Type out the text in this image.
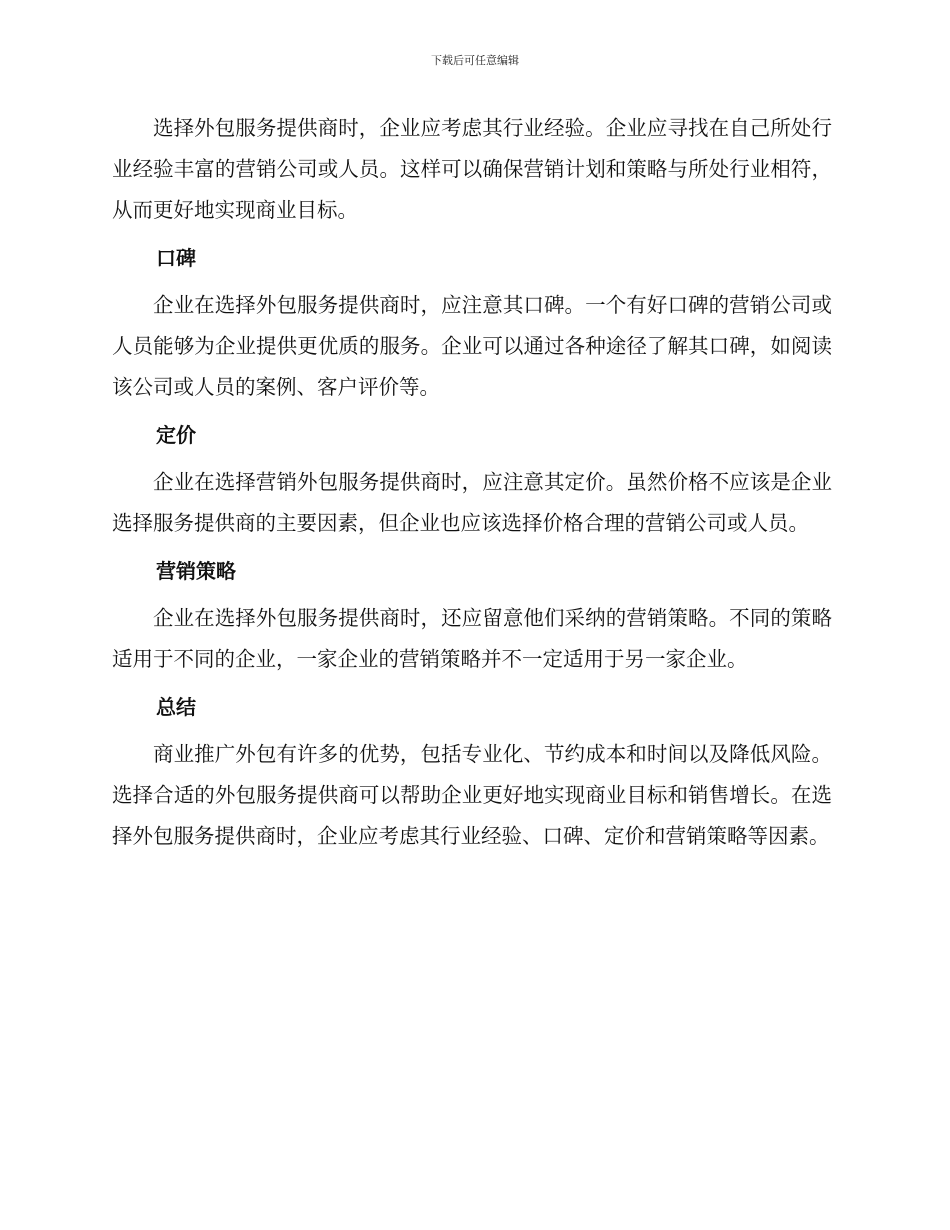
下载后可任意编辑

选择外包服务提供商时，企业应考虑其行业经验。企业应寻找在自己所处行业经验丰富的营销公司或人员。这样可以确保营销计划和策略与所处行业相符，从而更好地实现商业目标。

口碑

企业在选择外包服务提供商时，应注意其口碑。一个有好口碑的营销公司或人员能够为企业提供更优质的服务。企业可以通过各种途径了解其口碑，如阅读该公司或人员的案例、客户评价等。

定价

企业在选择营销外包服务提供商时，应注意其定价。虽然价格不应该是企业选择服务提供商的主要因素，但企业也应该选择价格合理的营销公司或人员。

营销策略

企业在选择外包服务提供商时，还应留意他们采纳的营销策略。不同的策略适用于不同的企业，一家企业的营销策略并不一定适用于另一家企业。

总结

商业推广外包有许多的优势，包括专业化、节约成本和时间以及降低风险。选择合适的外包服务提供商可以帮助企业更好地实现商业目标和销售增长。在选择外包服务提供商时，企业应考虑其行业经验、口碑、定价和营销策略等因素。
